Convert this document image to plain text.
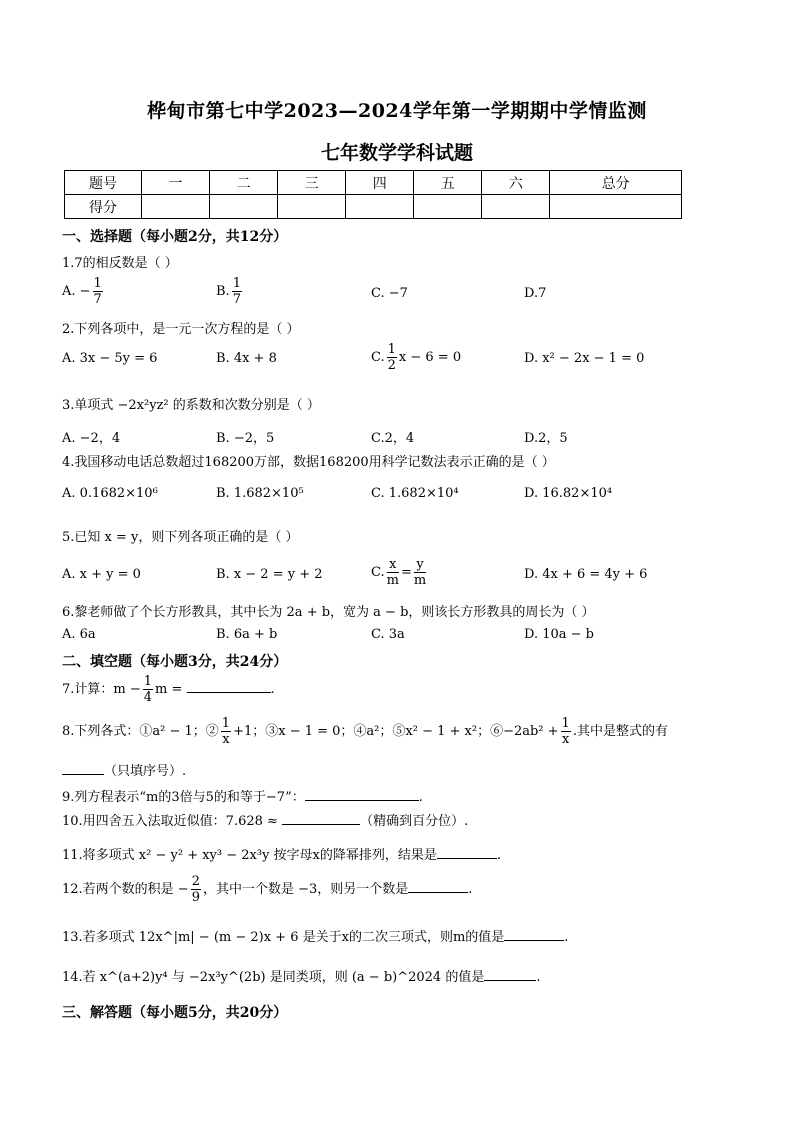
桦甸市第七中学2023—2024学年第一学期期中学情监测
七年数学学科试题
题号	一	二	三	四	五	六	总分
得分							
一、选择题（每小题2分，共12分）
1.7的相反数是（ ）
A. − $\frac{1}{7}$	B. $\frac{1}{7}$	C. −7	D.7
2.下列各项中，是一元一次方程的是（ ）
A. 3x − 5y = 6	B. 4x + 8	C. $\frac{1}{2}$ x − 6 = 0	D. x² − 2x − 1 = 0
3.单项式 −2x²yz² 的系数和次数分别是（ ）
A. −2，4	B. −2，5	C.2，4	D.2，5
4.我国移动电话总数超过168200万部，数据168200用科学记数法表示正确的是（ ）
A. 0.1682×10⁶	B. 1.682×10⁵	C. 1.682×10⁴	D. 16.82×10⁴
5.已知 x = y，则下列各项正确的是（ ）
A. x + y = 0	B. x − 2 = y + 2	C. $\frac{x}{m} = \frac{y}{m}$	D. 4x + 6 = 4y + 6
6.黎老师做了个长方形教具，其中长为 2a + b，宽为 a − b，则该长方形教具的周长为（ ）
A. 6a	B. 6a + b	C. 3a	D. 10a − b
二、填空题（每小题3分，共24分）
7.计算：$m - \frac{1}{4}$ m =	.
8.下列各式：①a² − 1；② $\frac{1}{x} +1$；③x − 1 = 0；④a²；⑤x² − 1 + x²；⑥−2ab² + $\frac{1}{x}$ .其中是整式的有
（只填序号）.
9.列方程表示“m的3倍与5的和等于−7”：	.
10.用四舍五入法取近似值：7.628 ≈	（精确到百分位）.
11.将多项式 x² − y² + xy³ − 2x³y 按字母x的降幂排列，结果是	.
12.若两个数的积是 − $\frac{2}{9}$ ，其中一个数是 −3，则另一个数是	.
13.若多项式 12x^|m| − (m − 2)x + 6 是关于x的二次三项式，则m的值是	.
14.若 x^(a+2)y⁴ 与 −2x³y^(2b) 是同类项，则 (a − b)^2024 的值是	.
三、解答题（每小题5分，共20分）
